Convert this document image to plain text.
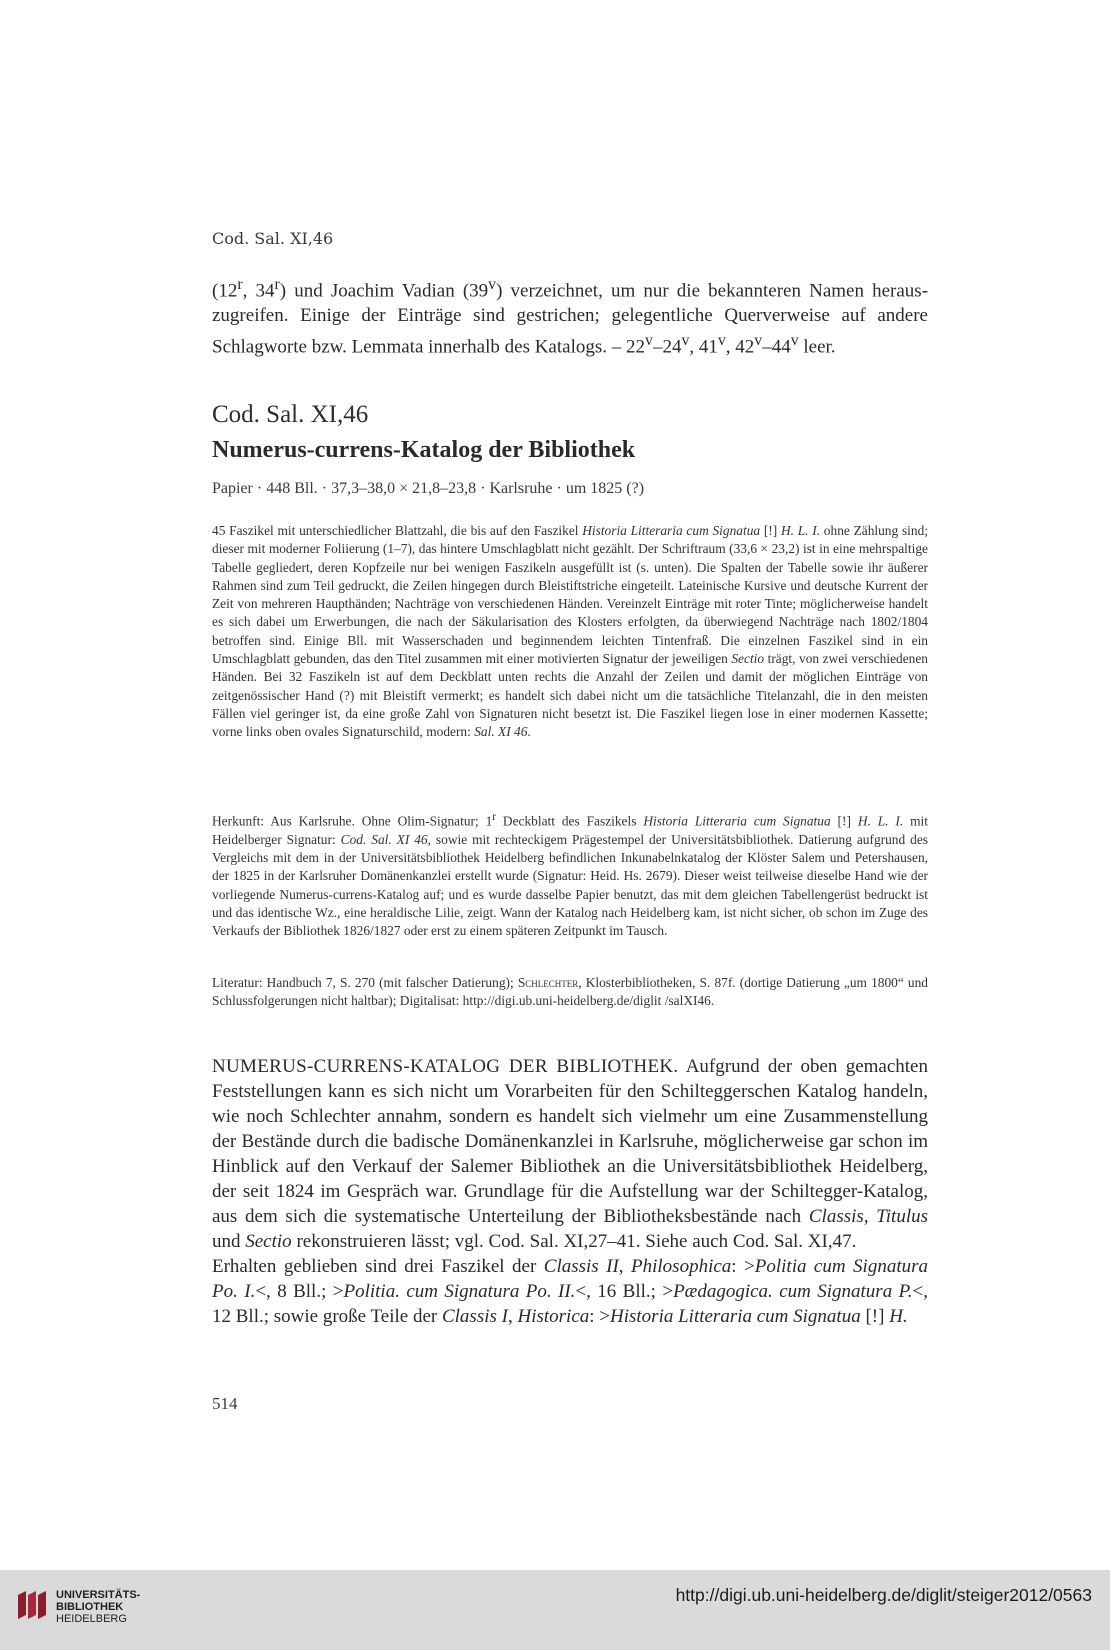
Cod. Sal. XI,46
(12$^r$, 34$^r$) und Joachim Vadian (39$^v$) verzeichnet, um nur die bekannteren Namen herauszugreifen. Einige der Einträge sind gestrichen; gelegentliche Querverweise auf andere Schlagworte bzw. Lemmata innerhalb des Katalogs. – 22$^v$–24$^v$, 41$^v$, 42$^v$–44$^v$ leer.
Cod. Sal. XI,46
Numerus-currens-Katalog der Bibliothek
Papier · 448 Bll. · 37,3–38,0 × 21,8–23,8 · Karlsruhe · um 1825 (?)
45 Faszikel mit unterschiedlicher Blattzahl, die bis auf den Faszikel Historia Litteraria cum Signatua [!] H. L. I. ohne Zählung sind; dieser mit moderner Foliierung (1–7), das hintere Umschlagblatt nicht gezählt. Der Schriftraum (33,6 × 23,2) ist in eine mehrspaltige Tabelle gegliedert, deren Kopfzeile nur bei wenigen Faszikeln ausgefüllt ist (s. unten). Die Spalten der Tabelle sowie ihr äußerer Rahmen sind zum Teil gedruckt, die Zeilen hingegen durch Bleistiftstriche eingeteilt. Lateinische Kursive und deutsche Kurrent der Zeit von mehreren Haupthänden; Nachträge von verschiedenen Händen. Vereinzelt Einträge mit roter Tinte; möglicherweise handelt es sich dabei um Erwerbungen, die nach der Säkularisation des Klosters erfolgten, da überwiegend Nachträge nach 1802/1804 betroffen sind. Einige Bll. mit Wasserschaden und beginnendem leichten Tintenfraß. Die einzelnen Faszikel sind in ein Umschlagblatt gebunden, das den Titel zusammen mit einer motivierten Signatur der jeweiligen Sectio trägt, von zwei verschiedenen Händen. Bei 32 Faszikeln ist auf dem Deckblatt unten rechts die Anzahl der Zeilen und damit der möglichen Einträge von zeitgenössischer Hand (?) mit Bleistift vermerkt; es handelt sich dabei nicht um die tatsächliche Titelanzahl, die in den meisten Fällen viel geringer ist, da eine große Zahl von Signaturen nicht besetzt ist. Die Faszikel liegen lose in einer modernen Kassette; vorne links oben ovales Signaturschild, modern: Sal. XI 46.
Herkunft: Aus Karlsruhe. Ohne Olim-Signatur; 1$^r$ Deckblatt des Faszikels Historia Litteraria cum Signatua [!] H. L. I. mit Heidelberger Signatur: Cod. Sal. XI 46, sowie mit rechteckigem Prägestempel der Universitätsbibliothek. Datierung aufgrund des Vergleichs mit dem in der Universitätsbibliothek Heidelberg befindlichen Inkunabelnkatalog der Klöster Salem und Petershausen, der 1825 in der Karlsruher Domänenkanzlei erstellt wurde (Signatur: Heid. Hs. 2679). Dieser weist teilweise dieselbe Hand wie der vorliegende Numerus-currens-Katalog auf; und es wurde dasselbe Papier benutzt, das mit dem gleichen Tabellengerüst bedruckt ist und das identische Wz., eine heraldische Lilie, zeigt. Wann der Katalog nach Heidelberg kam, ist nicht sicher, ob schon im Zuge des Verkaufs der Bibliothek 1826/1827 oder erst zu einem späteren Zeitpunkt im Tausch.
Literatur: Handbuch 7, S. 270 (mit falscher Datierung); Schlechter, Klosterbibliotheken, S. 87f. (dortige Datierung „um 1800“ und Schlussfolgerungen nicht haltbar); Digitalisat: http://digi.ub.uni-heidelberg.de/diglit /salXI46.

NUMERUS-CURRENS-KATALOG DER BIBLIOTHEK. Aufgrund der oben gemachten Feststellungen kann es sich nicht um Vorarbeiten für den Schilteggerschen Katalog handeln, wie noch Schlechter annahm, sondern es handelt sich vielmehr um eine Zusammenstellung der Bestände durch die badische Domänenkanzlei in Karlsruhe, möglicherweise gar schon im Hinblick auf den Verkauf der Salemer Bibliothek an die Universitätsbibliothek Heidelberg, der seit 1824 im Gespräch war. Grundlage für die Aufstellung war der Schiltegger-Katalog, aus dem sich die systematische Unterteilung der Bibliotheksbestände nach Classis, Titulus und Sectio rekonstruieren lässt; vgl. Cod. Sal. XI,27–41. Siehe auch Cod. Sal. XI,47.

Erhalten geblieben sind drei Faszikel der Classis II, Philosophica: >Politia cum Signatura Po. I.<, 8 Bll.; >Politia. cum Signatura Po. II.<, 16 Bll.; >Pædagogica. cum Signatura P.<, 12 Bll.; sowie große Teile der Classis I, Historica: >Historia Litteraria cum Signatua [!] H.

514
UNIVERSITÄTS-
BIBLIOTHEK
HEIDELBERG
http://digi.ub.uni-heidelberg.de/diglit/steiger2012/0563
